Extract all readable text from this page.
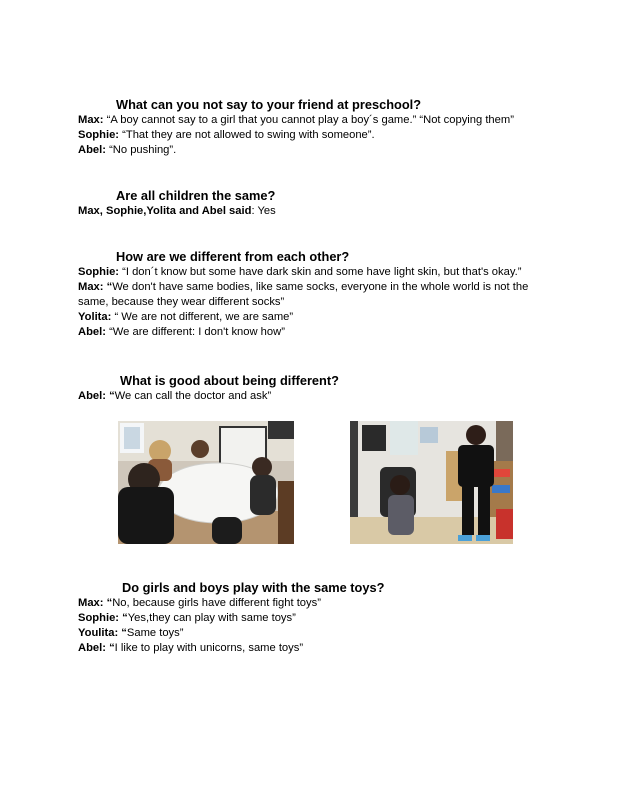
What can you not say to your friend at preschool?

Max: “A boy cannot say to a girl that you cannot play a boy´s game.” “Not copying them”

Sophie: “That they are not allowed to swing with someone”.

Abel: “No pushing”.

Are all children the same?

Max, Sophie,Yolita and Abel said: Yes

How are we different from each other?

Sophie: “I don´t know but some have dark skin and some have light skin, but that's okay.”

Max: “We don't have same bodies, like same socks, everyone in the whole world is not the same, because they wear different socks”

Yolita: “ We are not different, we are same”

Abel: “We are different: I don't know how”

What is good about being different?

Abel: “We can call the doctor and ask”

Do girls and boys play with the same toys?

Max: “No, because girls have different fight toys”

Sophie: “Yes,they can play with same toys”

Youlita: “Same toys”

Abel: “I like to play with unicorns, same toys”
